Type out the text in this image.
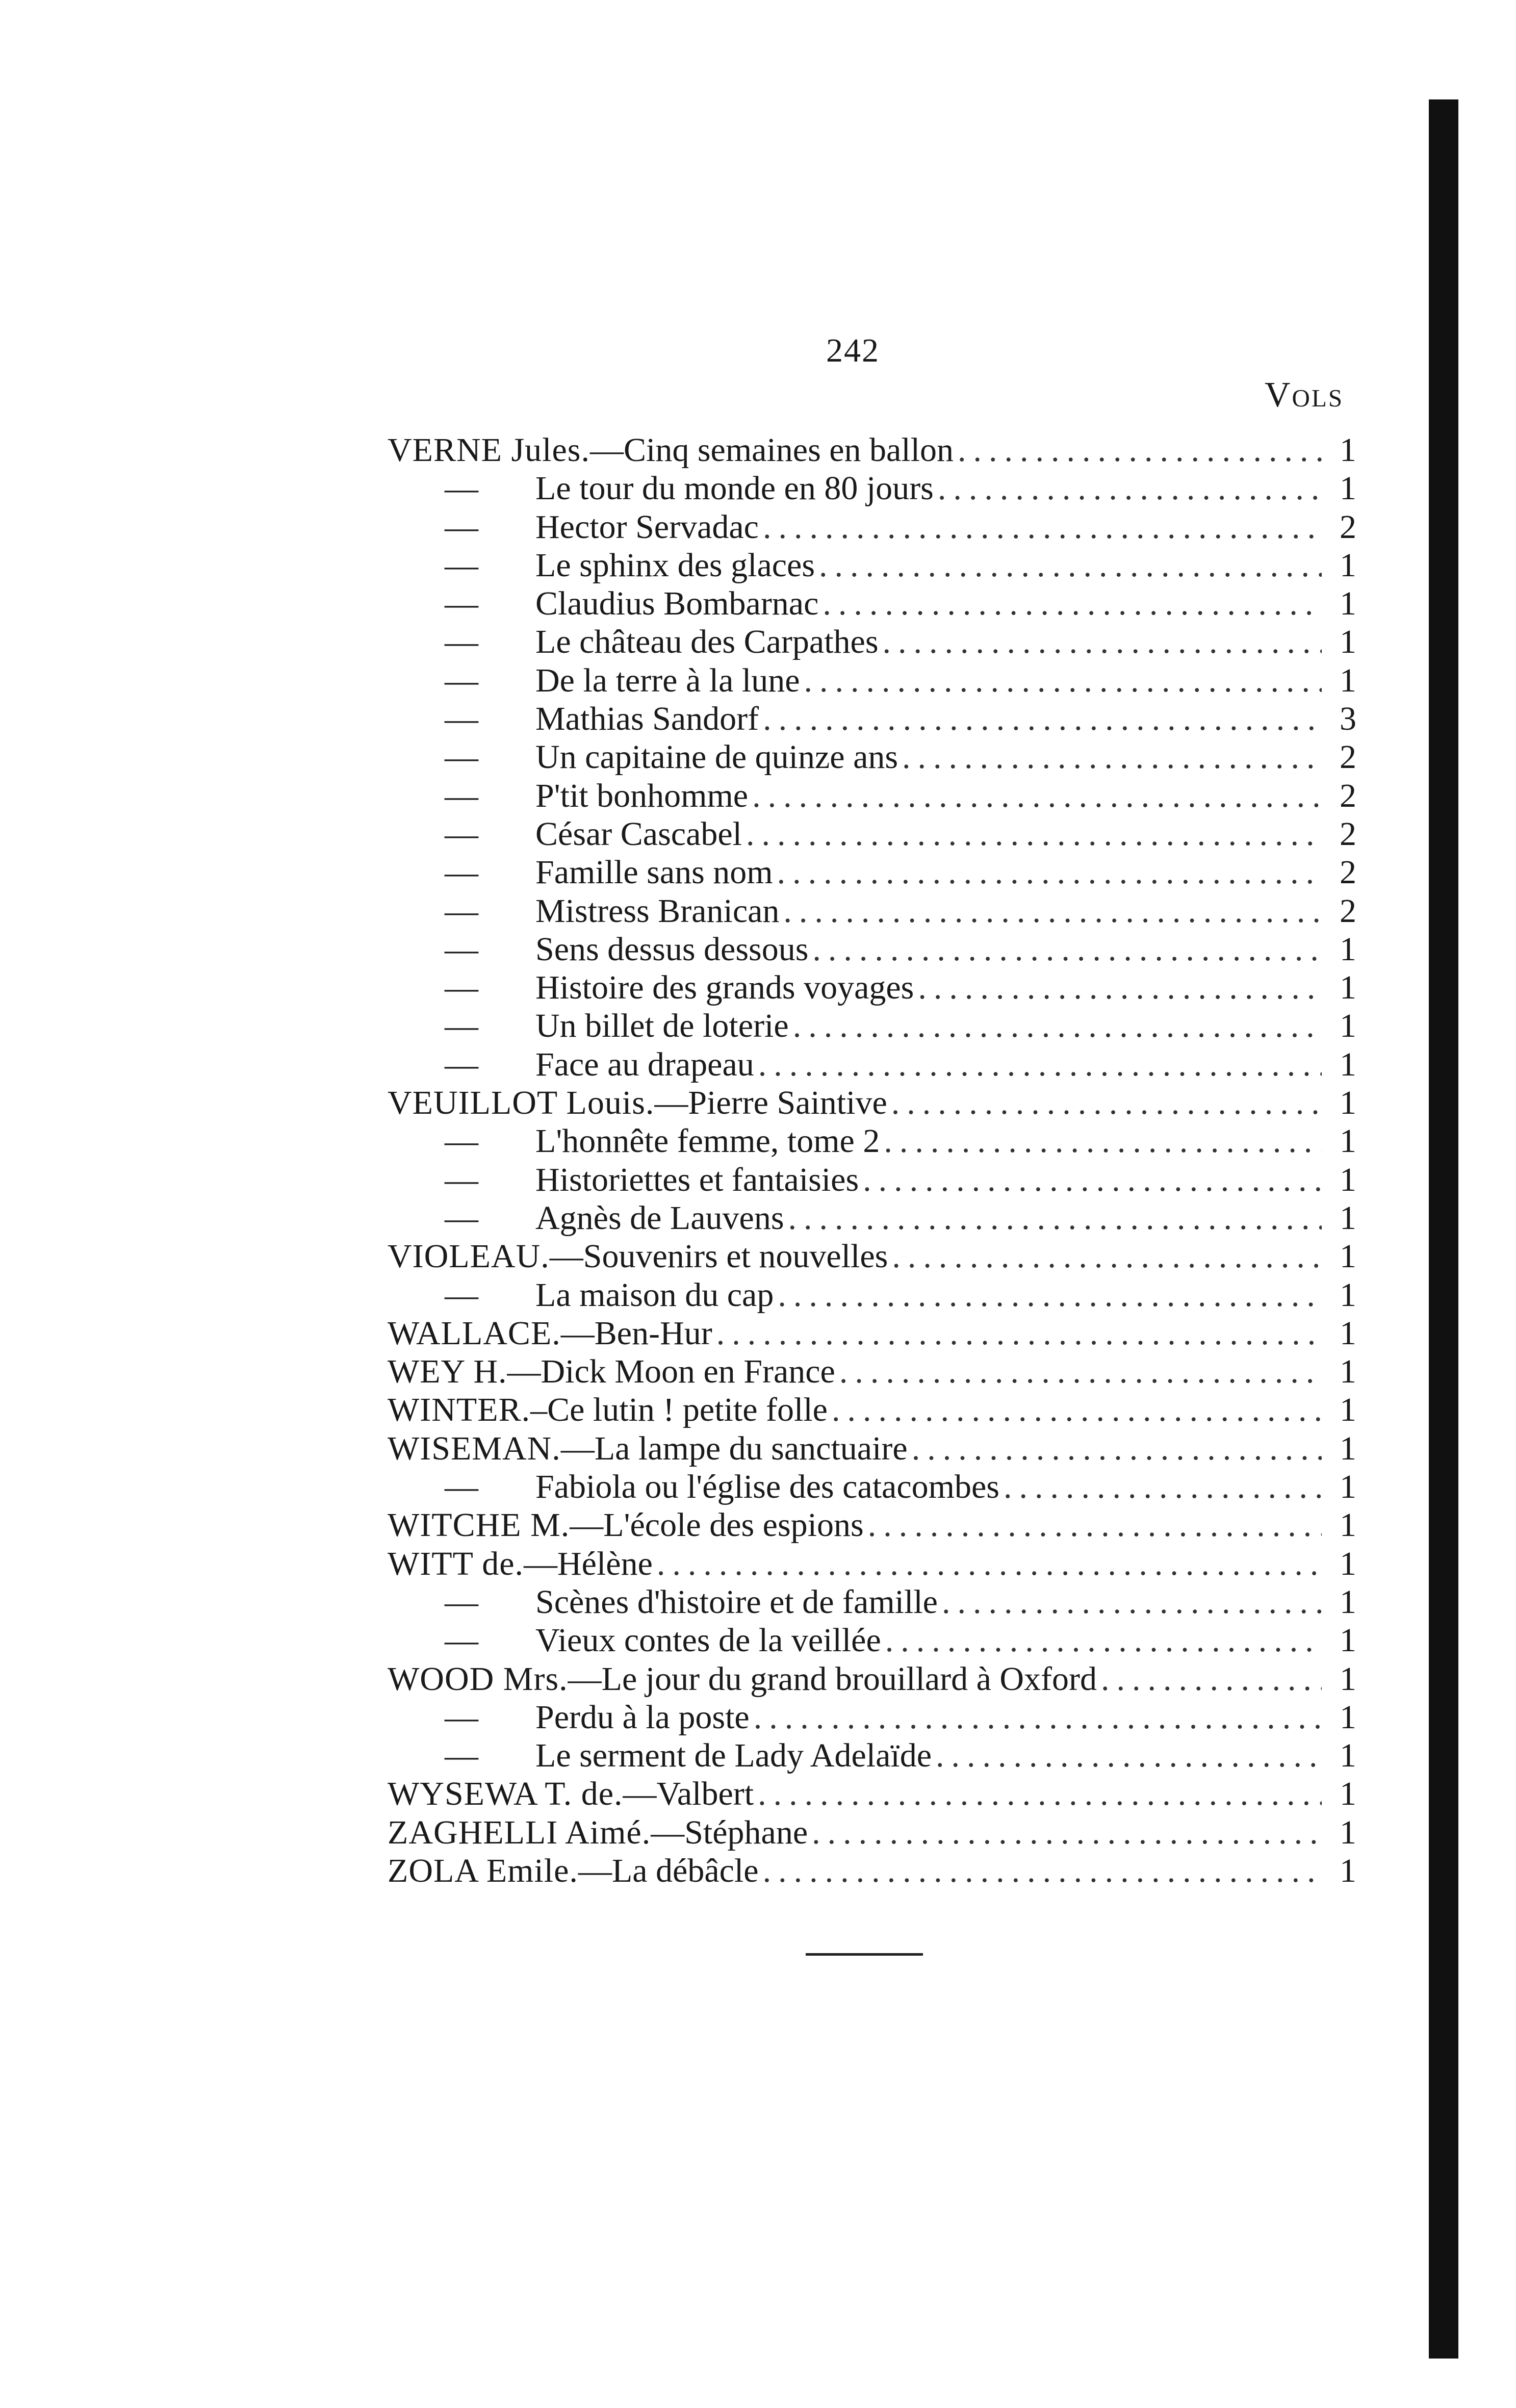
242
Vols
VERNE Jules. —Cinq semaines en ballon .....	1
—	Le tour du monde en 80 jours .....	1
—	Hector Servadac .....	2
—	Le sphinx des glaces .....	1
—	Claudius Bombarnac .....	1
—	Le château des Carpathes .....	1
—	De la terre à la lune .....	1
—	Mathias Sandorf .....	3
—	Un capitaine de quinze ans .....	2
—	P'tit bonhomme .....	2
—	César Cascabel .....	2
—	Famille sans nom .....	2
—	Mistress Branican .....	2
—	Sens dessus dessous .....	1
—	Histoire des grands voyages .....	1
—	Un billet de loterie .....	1
—	Face au drapeau .....	1
VEUILLOT Louis. —Pierre Saintive .....	1
—	L'honnête femme, tome 2 .....	1
—	Historiettes et fantaisies .....	1
—	Agnès de Lauvens .....	1
VIOLEAU. —Souvenirs et nouvelles .....	1
—	La maison du cap .....	1
WALLACE. —Ben-Hur .....	1
WEY H. —Dick Moon en France .....	1
WINTER. –Ce lutin ! petite folle .....	1
WISEMAN. —La lampe du sanctuaire .....	1
—	Fabiola ou l'église des catacombes .....	1
WITCHE M. —L'école des espions .....	1
WITT de. —Hélène .....	1
—	Scènes d'histoire et de famille .....	1
—	Vieux contes de la veillée .....	1
WOOD Mrs. —Le jour du grand brouillard à Oxford .....	1
—	Perdu à la poste .....	1
—	Le serment de Lady Adelaïde .....	1
WYSEWA T. de. —Valbert .....	1
ZAGHELLI Aimé. —Stéphane .....	1
ZOLA Emile. —La débâcle .....	1
